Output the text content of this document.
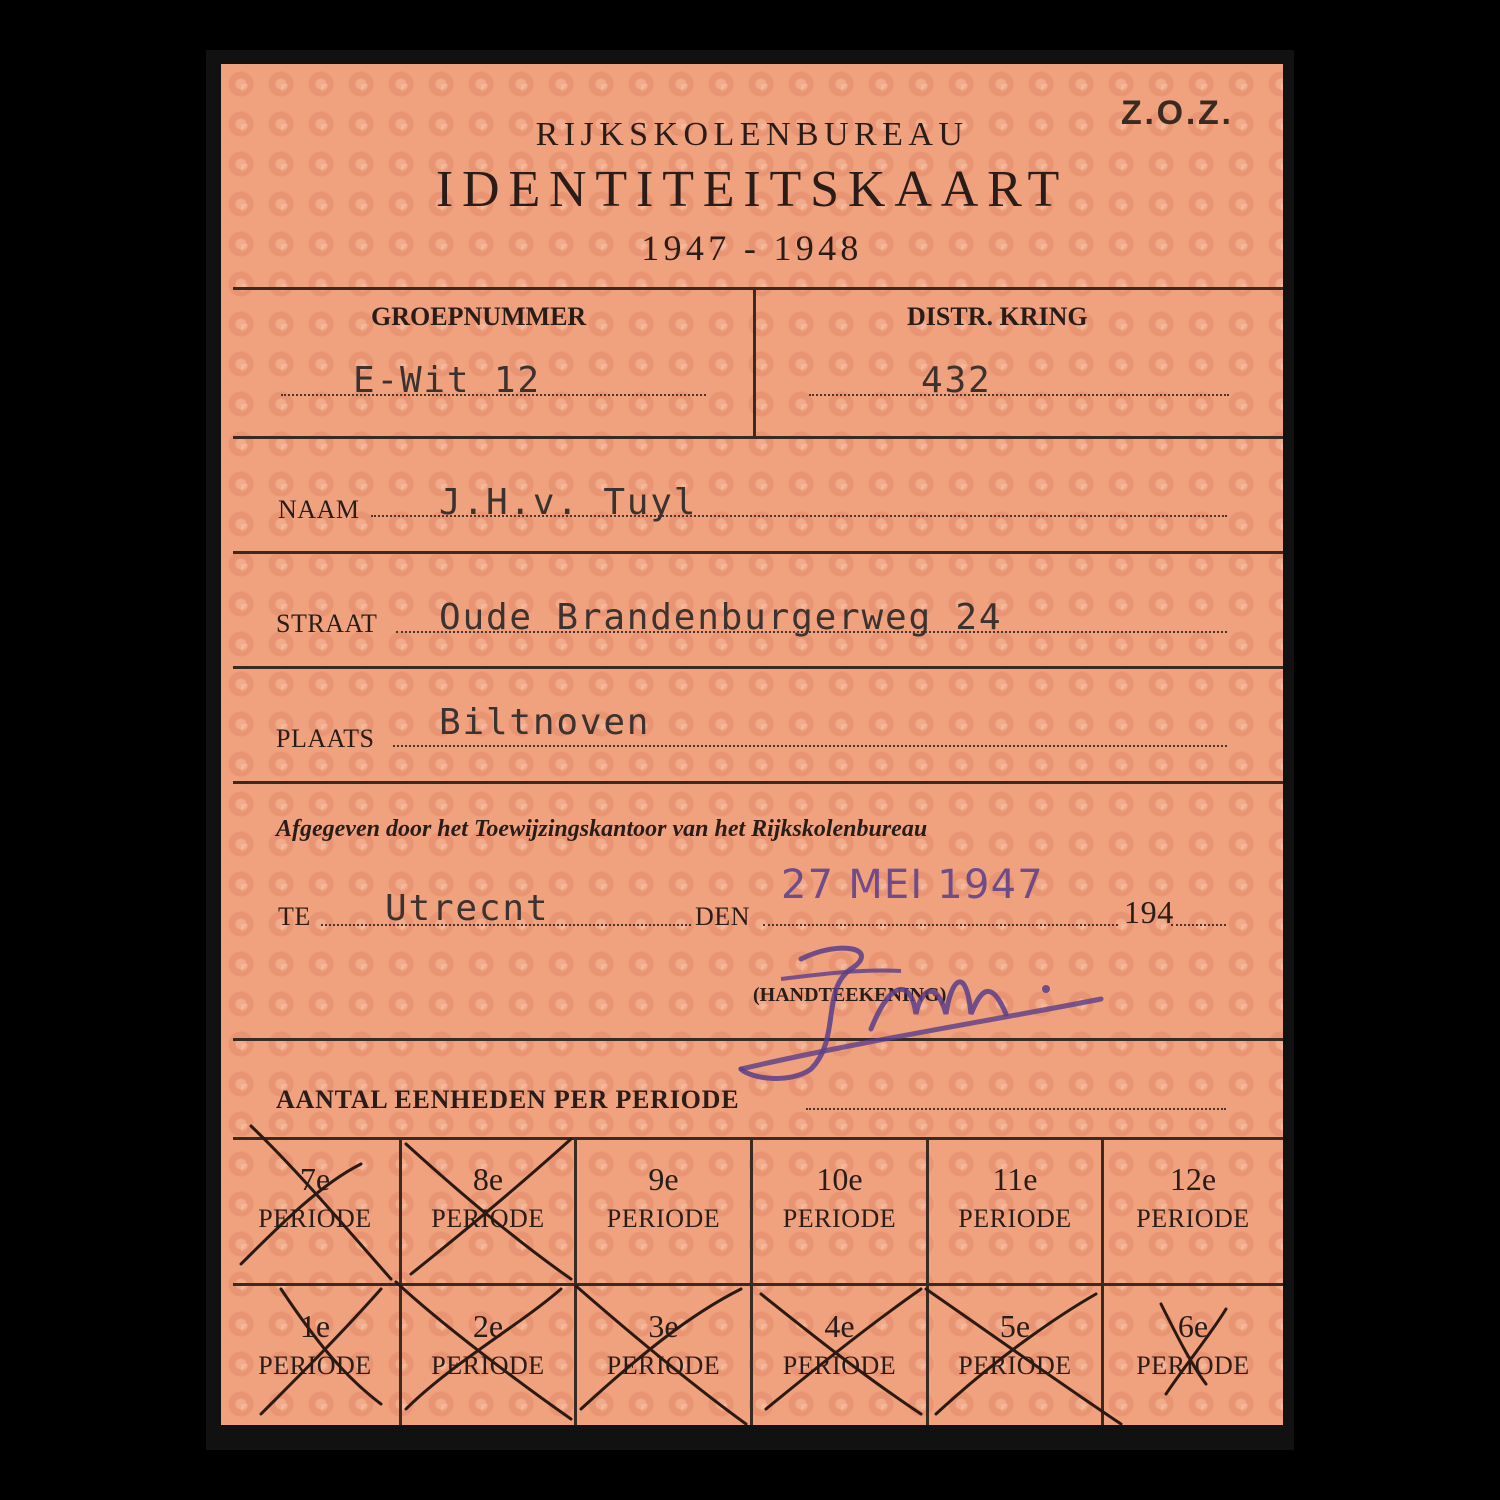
Z.O.Z.
RIJKSKOLENBUREAU
IDENTITEITSKAART
1947 - 1948
GROEPNUMMER
E-Wit 12
DISTR. KRING
432
NAAM J.H.v. Tuyl
STRAAT Oude Brandenburgerweg 24
PLAATS Biltnoven
Afgegeven door het Toewijzingskantoor van het Rijkskolenbureau
TE Utrecnt	DEN
27 MEI 1947
194
(HANDTEEKENING)
AANTAL EENHEDEN PER PERIODE
7e
PERIODE
8e
PERIODE
9e
PERIODE
10e
PERIODE
11e
PERIODE
12e
PERIODE
1e
PERIODE
2e
PERIODE
3e
PERIODE
4e
PERIODE
5e
PERIODE
6e
PERIODE
